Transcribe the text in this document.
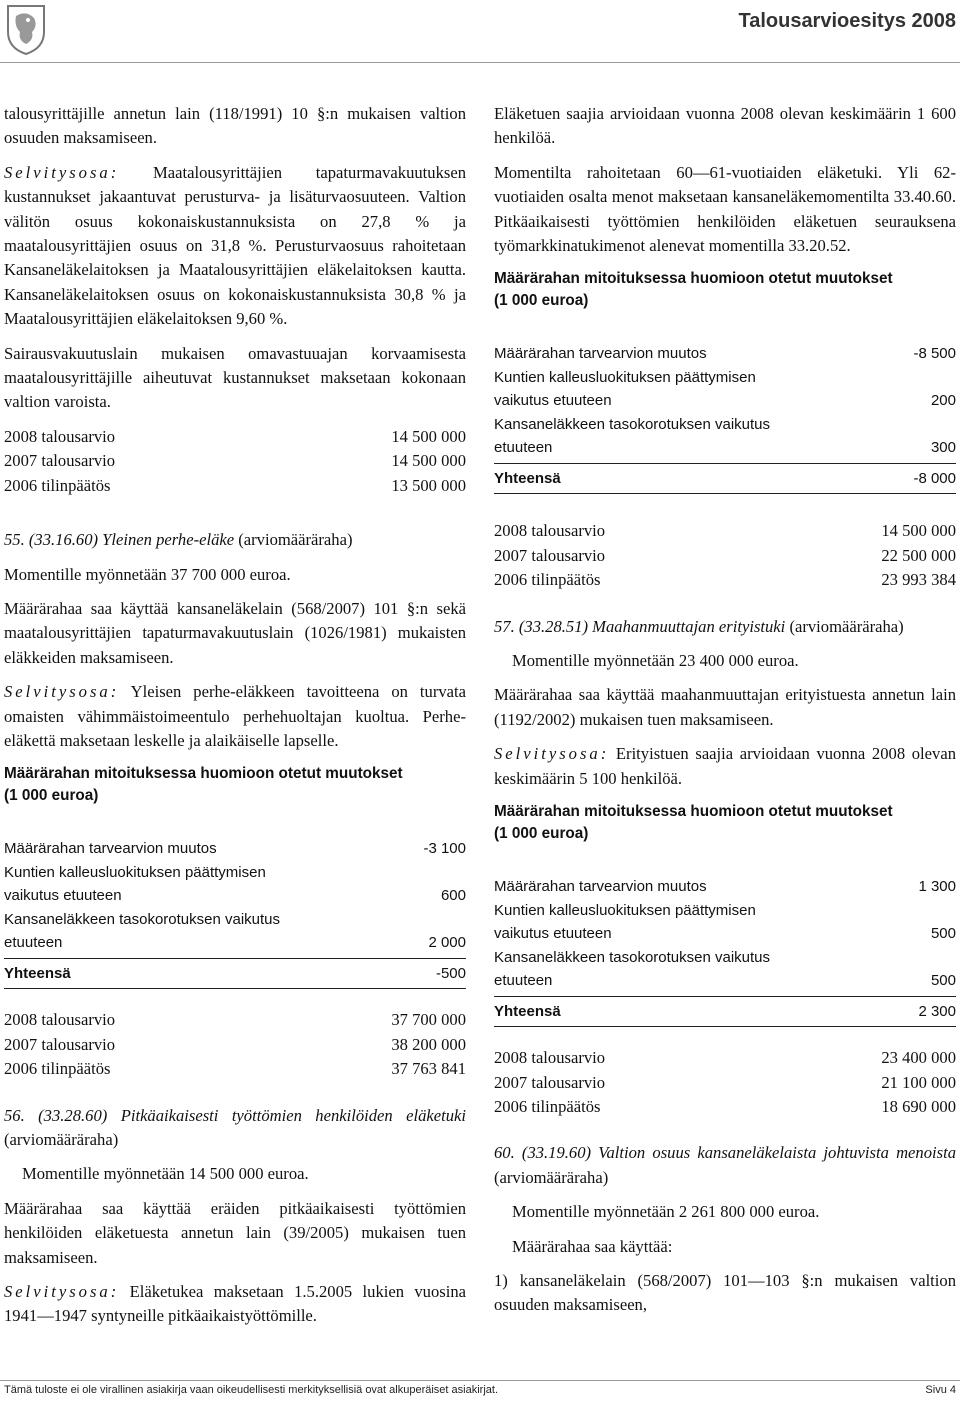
Talousarvioesitys 2008

talousyrittäjille annetun lain (118/1991) 10 §:n mukaisen valtion osuuden maksamiseen.

Selvitysosa: Maatalousyrittäjien tapaturmavakuutuksen kustannukset jakaantuvat perusturva- ja lisäturvaosuuteen. Valtion välitön osuus kokonaiskustannuksista on 27,8 % ja maatalousyrittäjien osuus on 31,8 %. Perusturvaosuus rahoitetaan Kansaneläkelaitoksen ja Maatalousyrittäjien eläkelaitoksen kautta. Kansaneläkelaitoksen osuus on kokonaiskustannuksista 30,8 % ja Maatalousyrittäjien eläkelaitoksen 9,60 %.

Sairausvakuutuslain mukaisen omavastuuajan korvaamisesta maatalousyrittäjille aiheutuvat kustannukset maksetaan kokonaan valtion varoista.

2008 talousarvio	14 500 000
2007 talousarvio	14 500 000
2006 tilinpäätös	13 500 000

55. (33.16.60) Yleinen perhe-eläke (arviomääräraha)

Momentille myönnetään 37 700 000 euroa.

Määrärahaa saa käyttää kansaneläkelain (568/2007) 101 §:n sekä maatalousyrittäjien tapaturmavakuutuslain (1026/1981) mukaisten eläkkeiden maksamiseen.

Selvitysosa: Yleisen perhe-eläkkeen tavoitteena on turvata omaisten vähimmäistoimeentulo perhehuoltajan kuoltua. Perhe-eläkettä maksetaan leskelle ja alaikäiselle lapselle.

Määrärahan mitoituksessa huomioon otetut muutokset
(1 000 euroa)
Määrärahan tarvearvion muutos	-3 100
Kuntien kalleusluokituksen päättymisen
vaikutus etuuteen	600
Kansaneläkkeen tasokorotuksen vaikutus
etuuteen	2 000
Yhteensä	-500
2008 talousarvio	37 700 000
2007 talousarvio	38 200 000
2006 tilinpäätös	37 763 841

56. (33.28.60) Pitkäaikaisesti työttömien henkilöiden eläketuki (arviomääräraha)

Momentille myönnetään 14 500 000 euroa.

Määrärahaa saa käyttää eräiden pitkäaikaisesti työttömien henkilöiden eläketuesta annetun lain (39/2005) mukaisen tuen maksamiseen.

Selvitysosa: Eläketukea maksetaan 1.5.2005 lukien vuosina 1941—1947 syntyneille pitkäaikaistyöttömille.

Eläketuen saajia arvioidaan vuonna 2008 olevan keskimäärin 1 600 henkilöä.

Momentilta rahoitetaan 60—61-vuotiaiden eläketuki. Yli 62-vuotiaiden osalta menot maksetaan kansaneläkemomentilta 33.40.60. Pitkäaikaisesti työttömien henkilöiden eläketuen seurauksena työmarkkinatukimenot alenevat momentilla 33.20.52.

Määrärahan mitoituksessa huomioon otetut muutokset
(1 000 euroa)
Määrärahan tarvearvion muutos	-8 500
Kuntien kalleusluokituksen päättymisen
vaikutus etuuteen	200
Kansaneläkkeen tasokorotuksen vaikutus
etuuteen	300
Yhteensä	-8 000
2008 talousarvio	14 500 000
2007 talousarvio	22 500 000
2006 tilinpäätös	23 993 384

57. (33.28.51) Maahanmuuttajan erityistuki (arviomääräraha)

Momentille myönnetään 23 400 000 euroa.

Määrärahaa saa käyttää maahanmuuttajan erityistuesta annetun lain (1192/2002) mukaisen tuen maksamiseen.

Selvitysosa: Erityistuen saajia arvioidaan vuonna 2008 olevan keskimäärin 5 100 henkilöä.

Määrärahan mitoituksessa huomioon otetut muutokset
(1 000 euroa)
Määrärahan tarvearvion muutos	1 300
Kuntien kalleusluokituksen päättymisen
vaikutus etuuteen	500
Kansaneläkkeen tasokorotuksen vaikutus
etuuteen	500
Yhteensä	2 300
2008 talousarvio	23 400 000
2007 talousarvio	21 100 000
2006 tilinpäätös	18 690 000

60. (33.19.60) Valtion osuus kansaneläkelaista johtuvista menoista (arviomääräraha)

Momentille myönnetään 2 261 800 000 euroa.

Määrärahaa saa käyttää:

1) kansaneläkelain (568/2007) 101—103 §:n mukaisen valtion osuuden maksamiseen,

Tämä tuloste ei ole virallinen asiakirja vaan oikeudellisesti merkityksellisiä ovat alkuperäiset asiakirjat.	Sivu 4
